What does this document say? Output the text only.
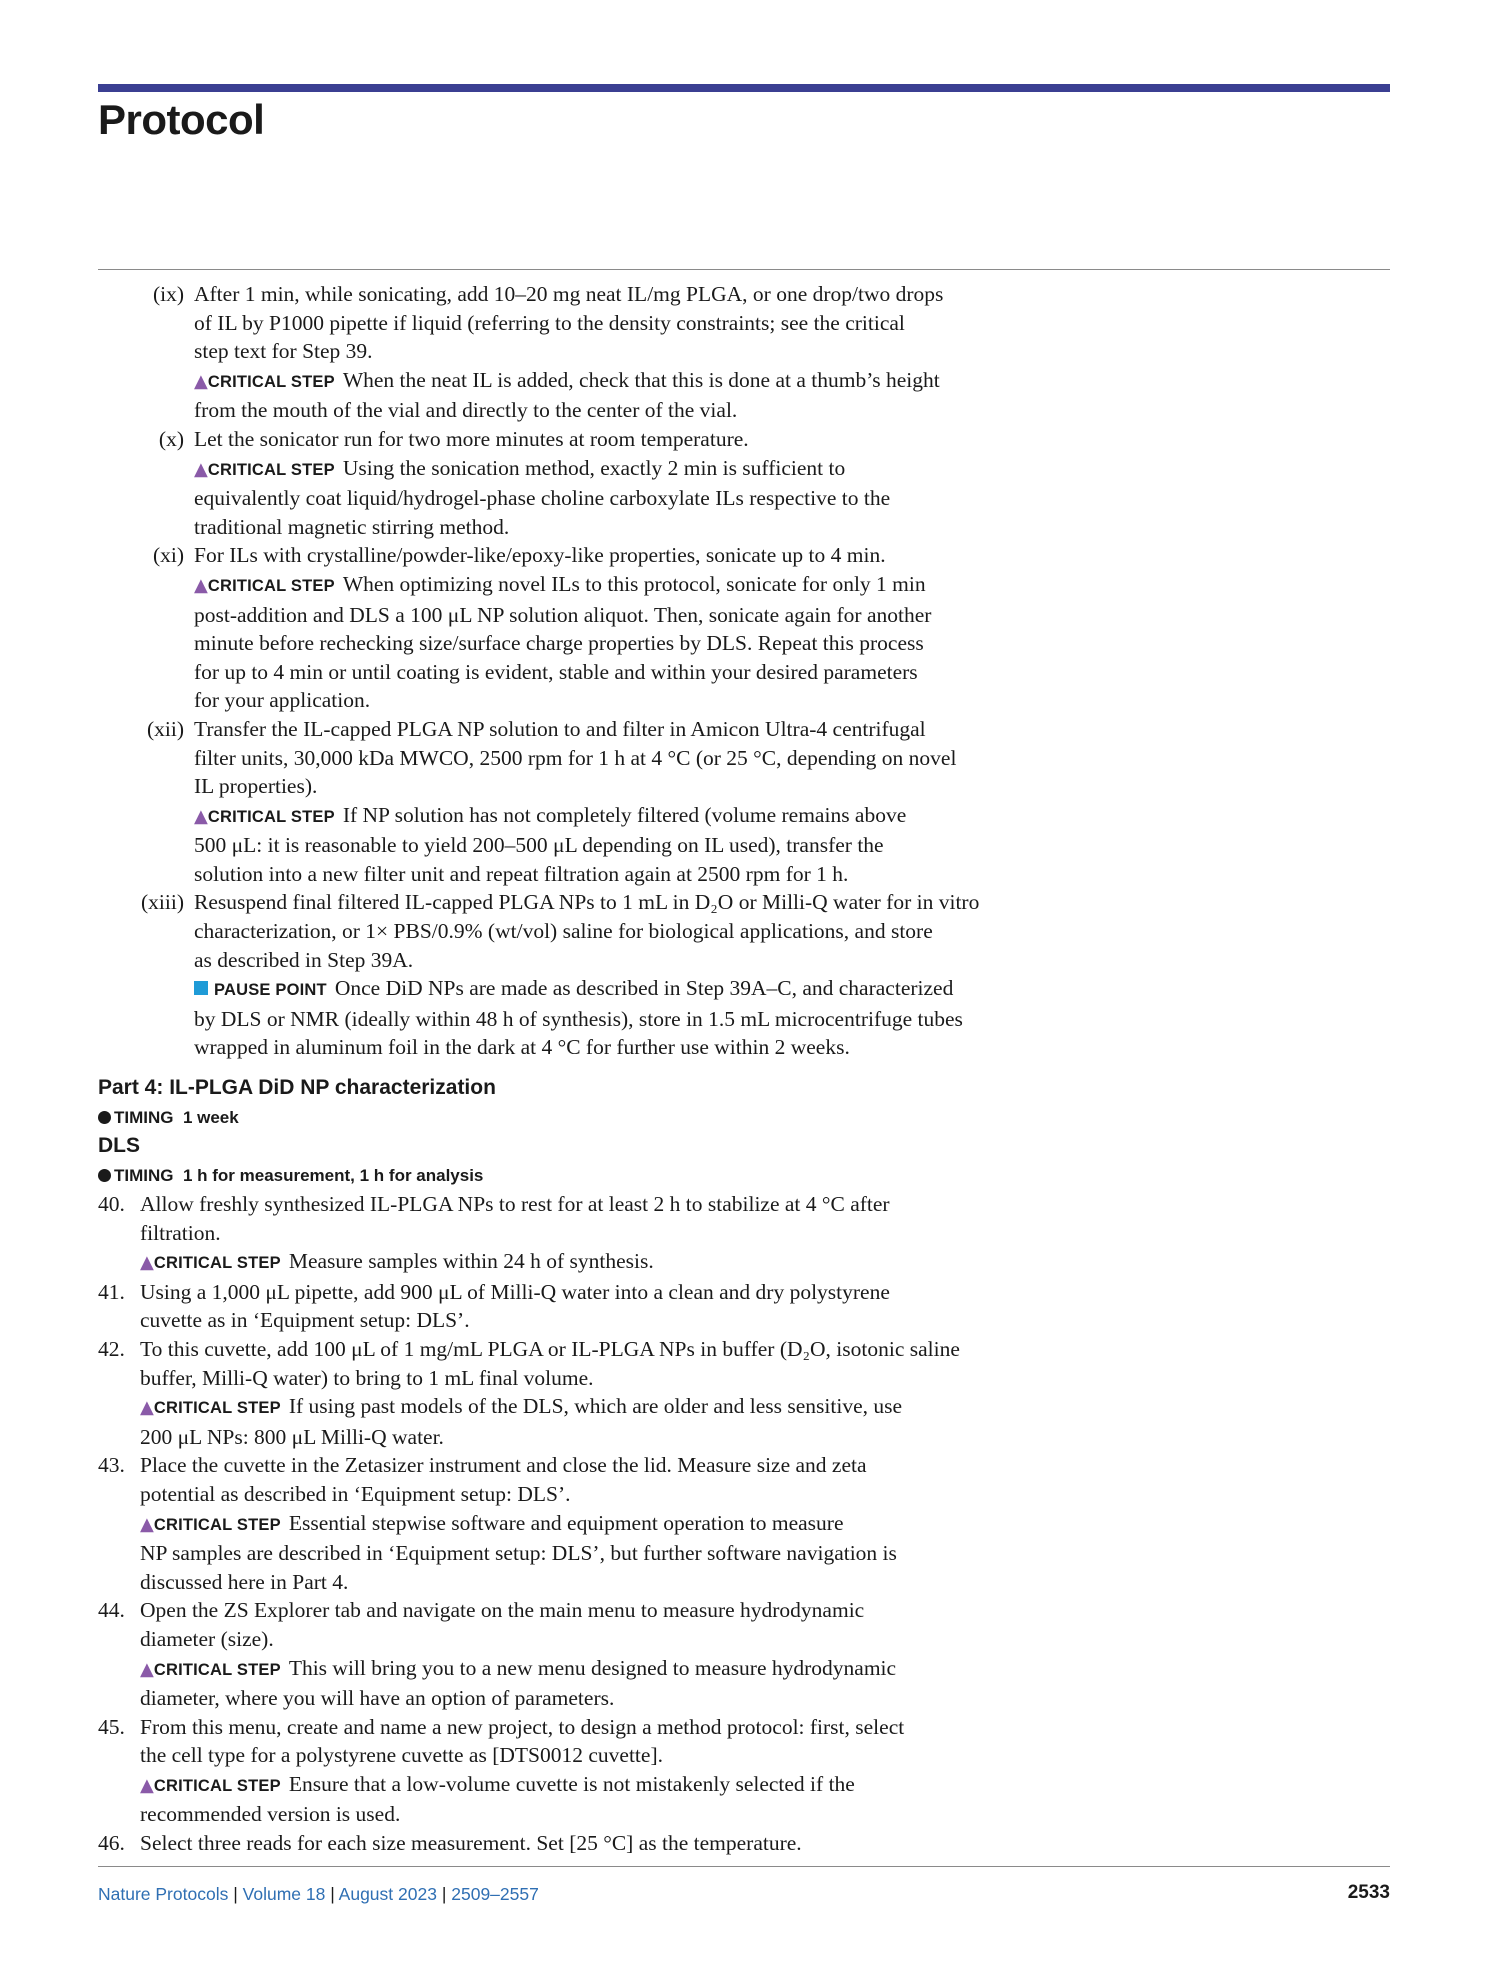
Protocol
(ix) After 1 min, while sonicating, add 10–20 mg neat IL/mg PLGA, or one drop/two drops
of IL by P1000 pipette if liquid (referring to the density constraints; see the critical
step text for Step 39.
▲CRITICAL STEP When the neat IL is added, check that this is done at a thumb’s height
from the mouth of the vial and directly to the center of the vial.
(x) Let the sonicator run for two more minutes at room temperature.
▲CRITICAL STEP Using the sonication method, exactly 2 min is sufficient to
equivalently coat liquid/hydrogel-phase choline carboxylate ILs respective to the
traditional magnetic stirring method.
(xi) For ILs with crystalline/powder-like/epoxy-like properties, sonicate up to 4 min.
▲CRITICAL STEP When optimizing novel ILs to this protocol, sonicate for only 1 min
post-addition and DLS a 100 μL NP solution aliquot. Then, sonicate again for another
minute before rechecking size/surface charge properties by DLS. Repeat this process
for up to 4 min or until coating is evident, stable and within your desired parameters
for your application.
(xii) Transfer the IL-capped PLGA NP solution to and filter in Amicon Ultra-4 centrifugal
filter units, 30,000 kDa MWCO, 2500 rpm for 1 h at 4 °C (or 25 °C, depending on novel
IL properties).
▲CRITICAL STEP If NP solution has not completely filtered (volume remains above
500 μL: it is reasonable to yield 200–500 μL depending on IL used), transfer the
solution into a new filter unit and repeat filtration again at 2500 rpm for 1 h.
(xiii) Resuspend final filtered IL-capped PLGA NPs to 1 mL in D₂O or Milli-Q water for in vitro
characterization, or 1× PBS/0.9% (wt/vol) saline for biological applications, and store
as described in Step 39A.
PAUSE POINT Once DiD NPs are made as described in Step 39A–C, and characterized
by DLS or NMR (ideally within 48 h of synthesis), store in 1.5 mL microcentrifuge tubes
wrapped in aluminum foil in the dark at 4 °C for further use within 2 weeks.
Part 4: IL-PLGA DiD NP characterization
TIMING 1 week
DLS
TIMING 1 h for measurement, 1 h for analysis
40. Allow freshly synthesized IL-PLGA NPs to rest for at least 2 h to stabilize at 4 °C after
filtration.
▲CRITICAL STEP Measure samples within 24 h of synthesis.
41. Using a 1,000 μL pipette, add 900 μL of Milli-Q water into a clean and dry polystyrene
cuvette as in ‘Equipment setup: DLS’.
42. To this cuvette, add 100 μL of 1 mg/mL PLGA or IL-PLGA NPs in buffer (D₂O, isotonic saline
buffer, Milli-Q water) to bring to 1 mL final volume.
▲CRITICAL STEP If using past models of the DLS, which are older and less sensitive, use
200 μL NPs: 800 μL Milli-Q water.
43. Place the cuvette in the Zetasizer instrument and close the lid. Measure size and zeta
potential as described in ‘Equipment setup: DLS’.
▲CRITICAL STEP Essential stepwise software and equipment operation to measure
NP samples are described in ‘Equipment setup: DLS’, but further software navigation is
discussed here in Part 4.
44. Open the ZS Explorer tab and navigate on the main menu to measure hydrodynamic
diameter (size).
▲CRITICAL STEP This will bring you to a new menu designed to measure hydrodynamic
diameter, where you will have an option of parameters.
45. From this menu, create and name a new project, to design a method protocol: first, select
the cell type for a polystyrene cuvette as [DTS0012 cuvette].
▲CRITICAL STEP Ensure that a low-volume cuvette is not mistakenly selected if the
recommended version is used.
46. Select three reads for each size measurement. Set [25 °C] as the temperature.
Nature Protocols | Volume 18 | August 2023 | 2509–2557	2533
